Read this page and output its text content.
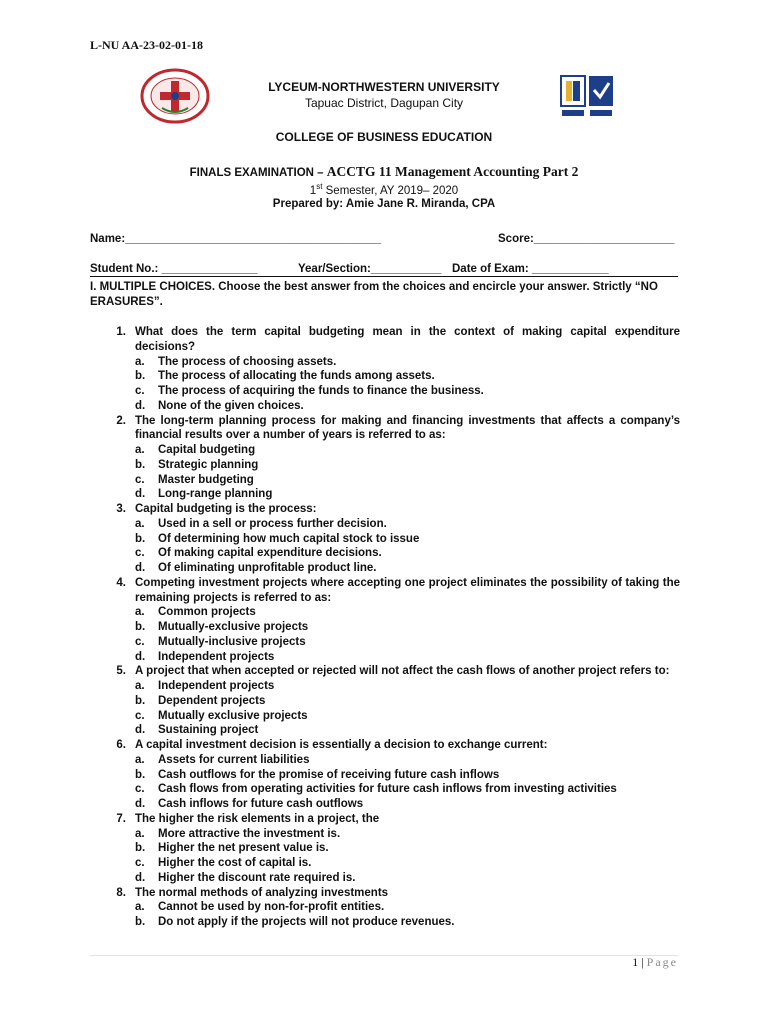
L-NU AA-23-02-01-18
LYCEUM-NORTHWESTERN UNIVERSITY
Tapuac District, Dagupan City
COLLEGE OF BUSINESS EDUCATION
FINALS EXAMINATION – ACCTG 11 Management Accounting Part 2
1st Semester, AY 2019– 2020
Prepared by: Amie Jane R. Miranda, CPA
Name:________________________________________	Score:______________________
Student No.: _______________	Year/Section:___________ Date of Exam: ____________
I. MULTIPLE CHOICES. Choose the best answer from the choices and encircle your answer. Strictly “NO ERASURES”.
1. What does the term capital budgeting mean in the context of making capital expenditure decisions?
a.	The process of choosing assets.
b.	The process of allocating the funds among assets.
c.	The process of acquiring the funds to finance the business.
d.	None of the given choices.
2. The long-term planning process for making and financing investments that affects a company’s financial results over a number of years is referred to as:
a.	Capital budgeting
b.	Strategic planning
c.	Master budgeting
d.	Long-range planning
3. Capital budgeting is the process:
a.	Used in a sell or process further decision.
b.	Of determining how much capital stock to issue
c.	Of making capital expenditure decisions.
d.	Of eliminating unprofitable product line.
4. Competing investment projects where accepting one project eliminates the possibility of taking the remaining projects is referred to as:
a.	Common projects
b.	Mutually-exclusive projects
c.	Mutually-inclusive projects
d.	Independent projects
5. A project that when accepted or rejected will not affect the cash flows of another project refers to:
a.	Independent projects
b.	Dependent projects
c.	Mutually exclusive projects
d.	Sustaining project
6. A capital investment decision is essentially a decision to exchange current:
a.	Assets for current liabilities
b.	Cash outflows for the promise of receiving future cash inflows
c.	Cash flows from operating activities for future cash inflows from investing activities
d.	Cash inflows for future cash outflows
7. The higher the risk elements in a project, the
a.	More attractive the investment is.
b.	Higher the net present value is.
c.	Higher the cost of capital is.
d.	Higher the discount rate required is.
8. The normal methods of analyzing investments
a.	Cannot be used by non-for-profit entities.
b.	Do not apply if the projects will not produce revenues.
1 | Page
